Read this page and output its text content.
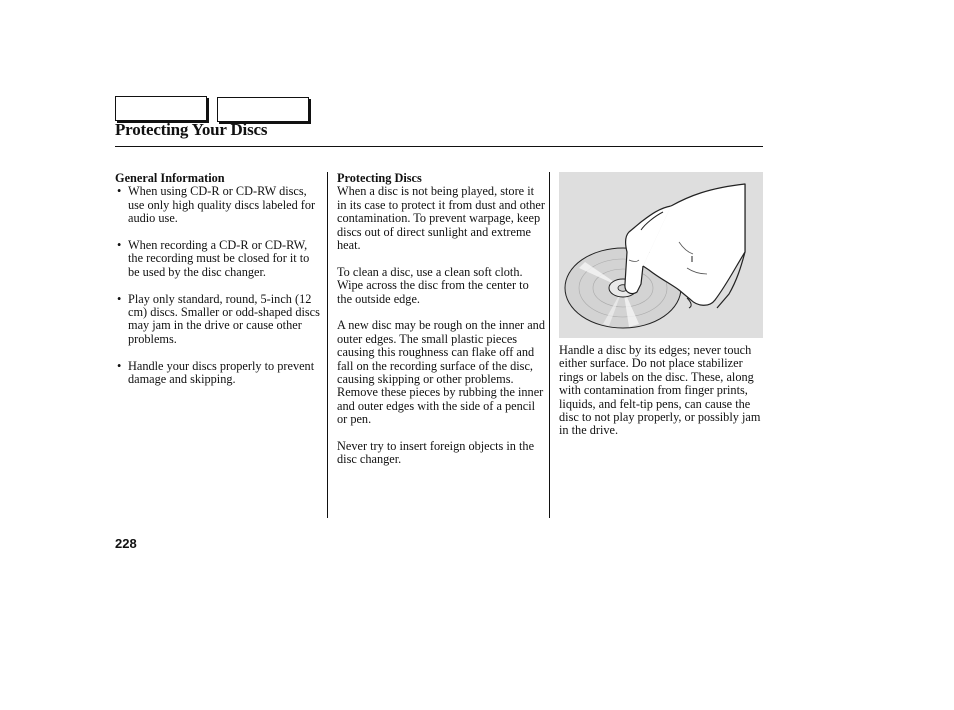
Protecting Your Discs
General Information
• When using CD-R or CD-RW discs, use only high quality discs labeled for audio use.
• When recording a CD-R or CD-RW, the recording must be closed for it to be used by the disc changer.
• Play only standard, round, 5-inch (12 cm) discs. Smaller or odd-shaped discs may jam in the drive or cause other problems.
• Handle your discs properly to prevent damage and skipping.
Protecting Discs

When a disc is not being played, store it in its case to protect it from dust and other contamination. To prevent warpage, keep discs out of direct sunlight and extreme heat.

To clean a disc, use a clean soft cloth. Wipe across the disc from the center to the outside edge.

A new disc may be rough on the inner and outer edges. The small plastic pieces causing this roughness can flake off and fall on the recording surface of the disc, causing skipping or other problems. Remove these pieces by rubbing the inner and outer edges with the side of a pencil or pen.

Never try to insert foreign objects in the disc changer.

Handle a disc by its edges; never touch either surface. Do not place stabilizer rings or labels on the disc. These, along with contamination from finger prints, liquids, and felt-tip pens, can cause the disc to not play properly, or possibly jam in the drive.
228
